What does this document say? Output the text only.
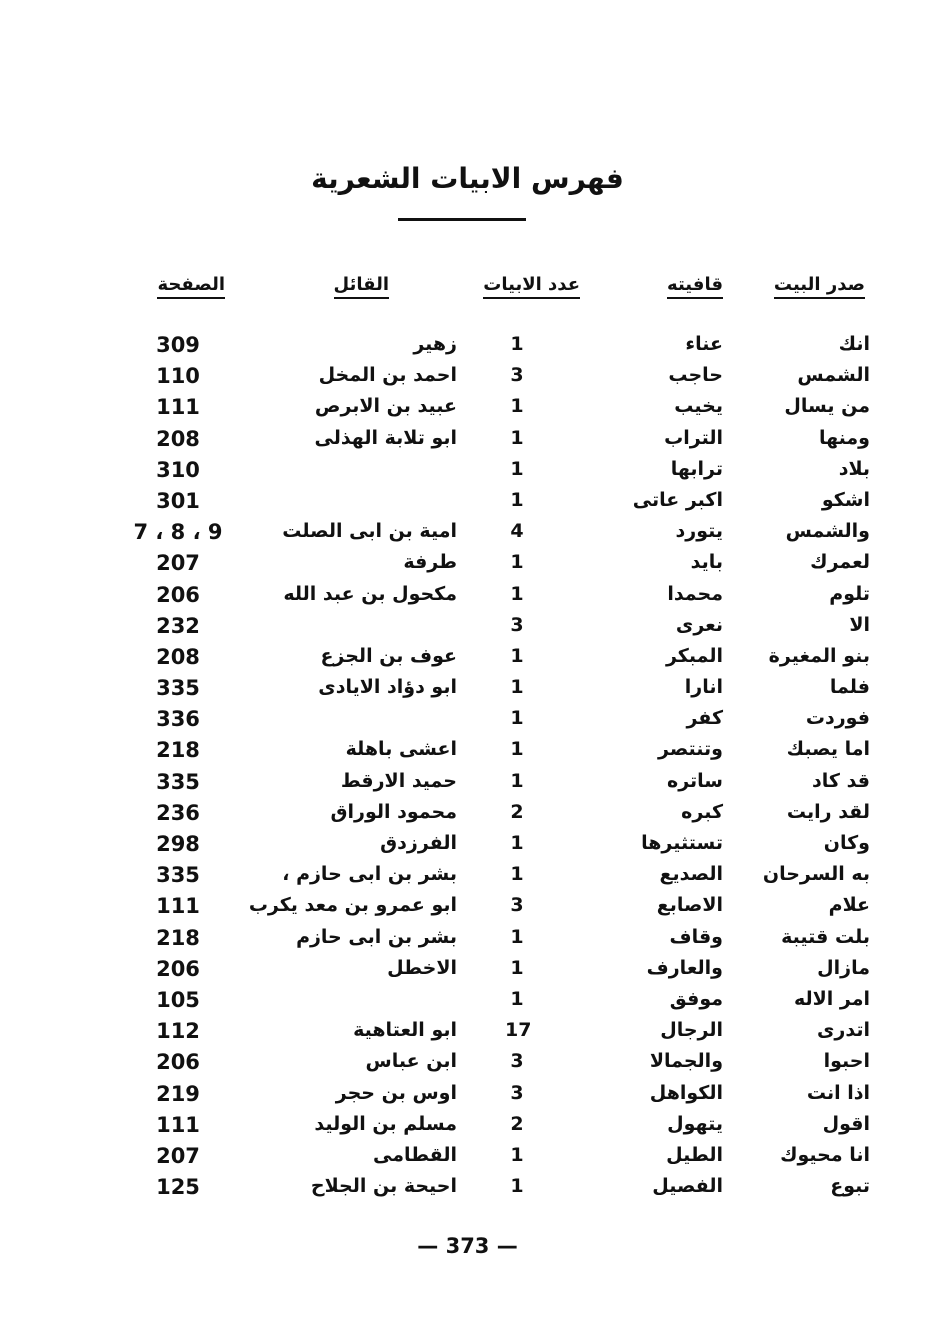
فهرس الابيات الشعرية
صدر البيت
قافيته
عدد الابيات
القائل
الصفحة
انك
عناء
1
زهير
309
الشمس
حاجب
3
احمد بن المخل
110
من يسال
يخيب
1
عبيد بن الابرص
111
ومنها
التراب
1
ابو تلابة الهذلى
208
بلاد
ترابها
1
310
اشكو
اكبر عاتى
1
301
والشمس
يتورد
4
امية بن ابى الصلت
7 ، 8 ، 9
لعمرك
بايد
1
طرفة
207
تلوم
محمدا
1
مكحول بن عبد الله
206
الا
نعرى
3
232
بنو المغيرة
المبكر
1
عوف بن الجزع
208
فلما
انارا
1
ابو دؤاد الايادى
335
فوردت
كفر
1
336
اما يصبك
وتنتصر
1
اعشى باهلة
218
قد كاد
ساتره
1
حميد الارقط
335
لقد رايت
كبره
2
محمود الوراق
236
وكان
تستثيرها
1
الفرزدق
298
به السرحان
الصديع
1
بشر بن ابى حازم ،
335
علام
الاصابع
3
ابو عمرو بن معد يكرب
111
بلت قتيبة
وقاف
1
بشر بن ابى حازم
218
مازال
والعارف
1
الاخطل
206
امر الاله
موفق
1
105
اتدرى
الرجال
17
ابو العتاهية
112
احبوا
والجمالا
3
ابن عباس
206
اذا انت
الكواهل
3
اوس بن حجر
219
اقول
يتهول
2
مسلم بن الوليد
111
انا محيوك
الطيل
1
القطامى
207
تبوع
الفصيل
1
احيحة بن الجلاح
125
— 373 —
